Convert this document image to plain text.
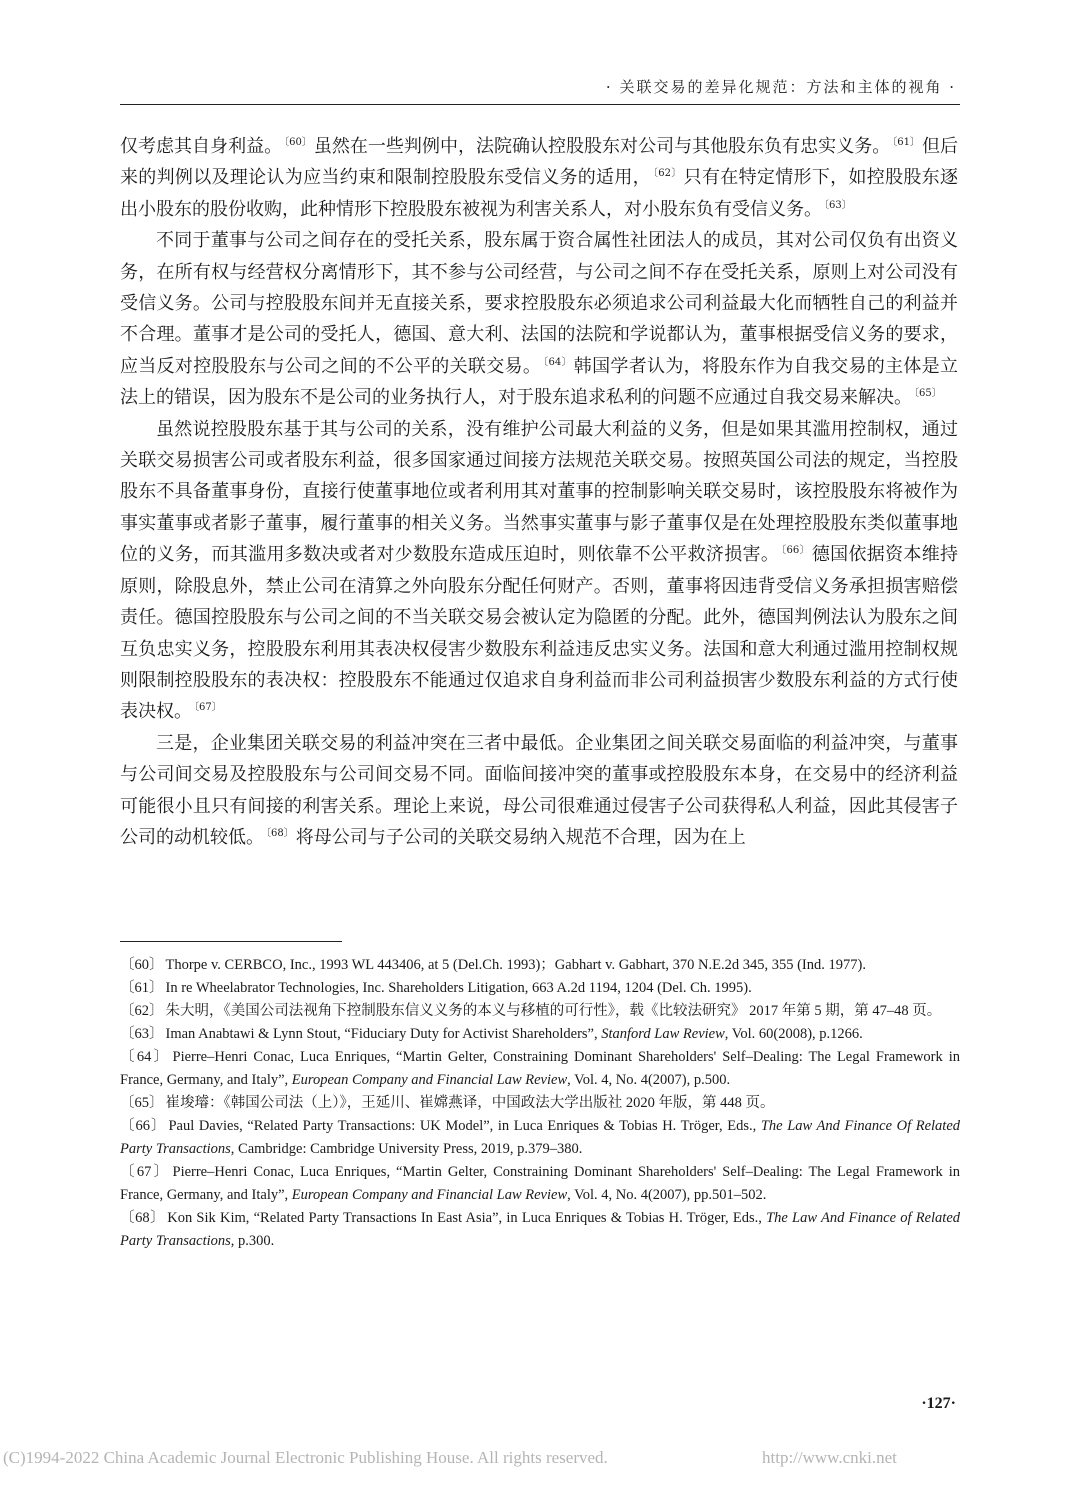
· 关联交易的差异化规范：方法和主体的视角 ·

仅考虑其自身利益。 $^{〔60〕}$ 虽然在一些判例中，法院确认控股股东对公司与其他股东负有忠实义务。 $^{〔61〕}$ 但后来的判例以及理论认为应当约束和限制控股股东受信义务的适用， $^{〔62〕}$ 只有在特定情形下，如控股股东逐出小股东的股份收购，此种情形下控股股东被视为利害关系人，对小股东负有受信义务。 $^{〔63〕}$

不同于董事与公司之间存在的受托关系，股东属于资合属性社团法人的成员，其对公司仅负有出资义务，在所有权与经营权分离情形下，其不参与公司经营，与公司之间不存在受托关系，原则上对公司没有受信义务。公司与控股股东间并无直接关系，要求控股股东必须追求公司利益最大化而牺牲自己的利益并不合理。董事才是公司的受托人，德国、意大利、法国的法院和学说都认为，董事根据受信义务的要求，应当反对控股股东与公司之间的不公平的关联交易。 $^{〔64〕}$ 韩国学者认为，将股东作为自我交易的主体是立法上的错误，因为股东不是公司的业务执行人，对于股东追求私利的问题不应通过自我交易来解决。 $^{〔65〕}$

虽然说控股股东基于其与公司的关系，没有维护公司最大利益的义务，但是如果其滥用控制权，通过关联交易损害公司或者股东利益，很多国家通过间接方法规范关联交易。按照英国公司法的规定，当控股股东不具备董事身份，直接行使董事地位或者利用其对董事的控制影响关联交易时，该控股股东将被作为事实董事或者影子董事，履行董事的相关义务。当然事实董事与影子董事仅是在处理控股股东类似董事地位的义务，而其滥用多数决或者对少数股东造成压迫时，则依靠不公平救济损害。 $^{〔66〕}$ 德国依据资本维持原则，除股息外，禁止公司在清算之外向股东分配任何财产。否则，董事将因违背受信义务承担损害赔偿责任。德国控股股东与公司之间的不当关联交易会被认定为隐匿的分配。此外，德国判例法认为股东之间互负忠实义务，控股股东利用其表决权侵害少数股东利益违反忠实义务。法国和意大利通过滥用控制权规则限制控股股东的表决权：控股股东不能通过仅追求自身利益而非公司利益损害少数股东利益的方式行使表决权。 $^{〔67〕}$

三是，企业集团关联交易的利益冲突在三者中最低。企业集团之间关联交易面临的利益冲突，与董事与公司间交易及控股股东与公司间交易不同。面临间接冲突的董事或控股股东本身，在交易中的经济利益可能很小且只有间接的利害关系。理论上来说，母公司很难通过侵害子公司获得私人利益，因此其侵害子公司的动机较低。 $^{〔68〕}$ 将母公司与子公司的关联交易纳入规范不合理，因为在上

〔60〕 Thorpe v. CERBCO, Inc., 1993 WL 443406, at 5 (Del.Ch. 1993)；Gabhart v. Gabhart, 370 N.E.2d 345, 355 (Ind. 1977).

〔61〕 In re Wheelabrator Technologies, Inc. Shareholders Litigation, 663 A.2d 1194, 1204 (Del. Ch. 1995).

〔62〕 朱大明，《美国公司法视角下控制股东信义义务的本义与移植的可行性》，载《比较法研究》 2017 年第 5 期，第 47–48 页。

〔63〕 Iman Anabtawi & Lynn Stout, “Fiduciary Duty for Activist Shareholders”, Stanford Law Review, Vol. 60(2008), p.1266.

〔64〕 Pierre–Henri Conac, Luca Enriques, “Martin Gelter, Constraining Dominant Shareholders' Self–Dealing: The Legal Framework in France, Germany, and Italy”, European Company and Financial Law Review, Vol. 4, No. 4(2007), p.500.

〔65〕 崔埈璿：《韩国公司法（上）》，王延川、崔嫦燕译，中国政法大学出版社 2020 年版，第 448 页。

〔66〕 Paul Davies, “Related Party Transactions: UK Model”, in Luca Enriques & Tobias H. Tröger, Eds., The Law And Finance Of Related Party Transactions, Cambridge: Cambridge University Press, 2019, p.379–380.

〔67〕 Pierre–Henri Conac, Luca Enriques, “Martin Gelter, Constraining Dominant Shareholders' Self–Dealing: The Legal Framework in France, Germany, and Italy”, European Company and Financial Law Review, Vol. 4, No. 4(2007), pp.501–502.

〔68〕 Kon Sik Kim, “Related Party Transactions In East Asia”, in Luca Enriques & Tobias H. Tröger, Eds., The Law And Finance of Related Party Transactions, p.300.

·127·
(C)1994-2022 China Academic Journal Electronic Publishing House. All rights reserved.	http://www.cnki.net
